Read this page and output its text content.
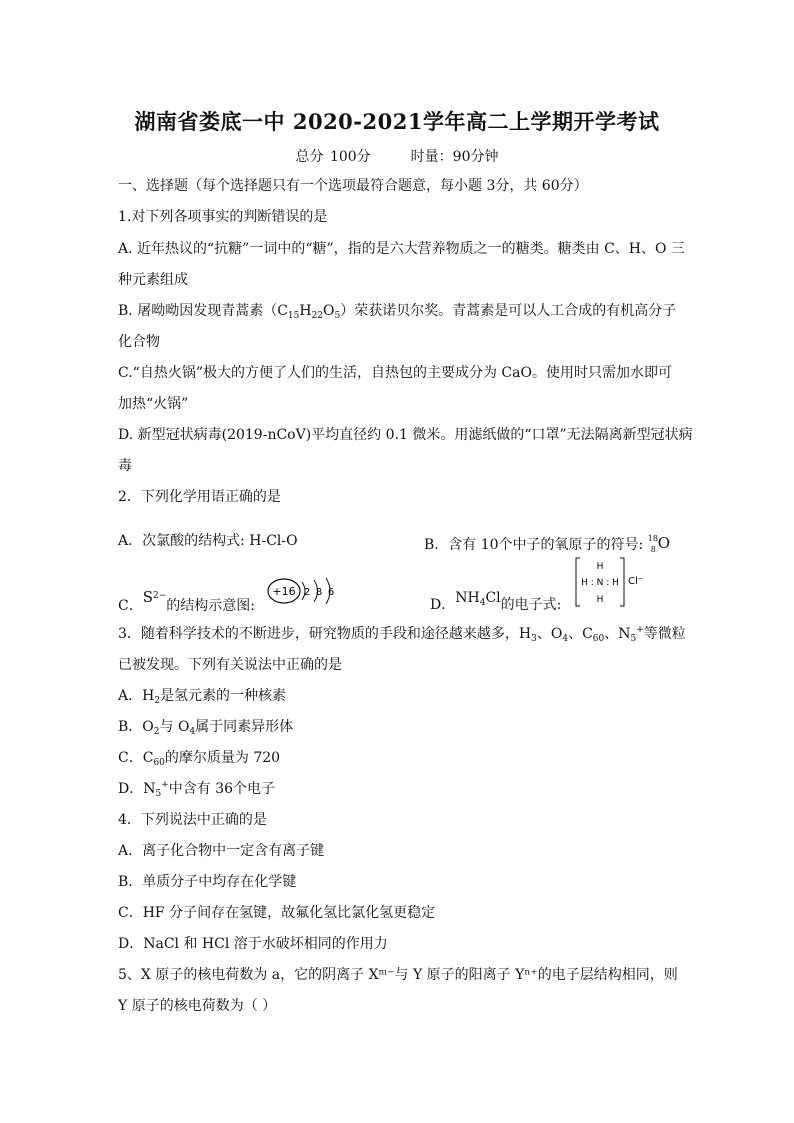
湖南省娄底一中 2020-2021学年高二上学期开学考试
总分 100分	时量：90分钟
一、选择题（每个选择题只有一个选项最符合题意，每小题 3分，共 60分）
1.对下列各项事实的判断错误的是
A. 近年热议的“抗糖”一词中的“糖”，指的是六大营养物质之一的糖类。糖类由 C、H、O 三
种元素组成
B. 屠呦呦因发现青蒿素$(C_{15}H_{22}O_5)$荣获诺贝尔奖。青蒿素是可以人工合成的有机高分子
化合物
C.“自热火锅”极大的方便了人们的生活，自热包的主要成分为 CaO。使用时只需加水即可
加热“火锅”
D. 新型冠状病毒(2019-nCoV)平均直径约 0.1 微米。用滤纸做的“口罩”无法隔离新型冠状病
毒
2．下列化学用语正确的是
A．次氯酸的结构式: H-Cl-O	B．含有 10个中子的氧原子的符号: 18
8 O
C．$S^{2-}$的结构示意图:
+16 2 8 6
D．$NH_4Cl$的电子式:
H
H : N : H
H
Cl⁻
3．随着科学技术的不断进步，研究物质的手段和途径越来越多，$H_3$、$O_4$、$C_{60}$、$N_5^+$等微粒
已被发现。下列有关说法中正确的是
A．$H_2$是氢元素的一种核素
B．$O_2$与 $O_4$属于同素异形体
C．$C_{60}$的摩尔质量为 720
D．$N_5^+$中含有 36个电子
4．下列说法中正确的是
A．离子化合物中一定含有离子键
B．单质分子中均存在化学键
C．HF 分子间存在氢键，故氟化氢比氯化氢更稳定
D．NaCl 和 HCl 溶于水破坏相同的作用力
5、X 原子的核电荷数为 a，它的阴离子 Xᵐ⁻与 Y 原子的阳离子 Yⁿ⁺的电子层结构相同，则
Y 原子的核电荷数为（ ）
